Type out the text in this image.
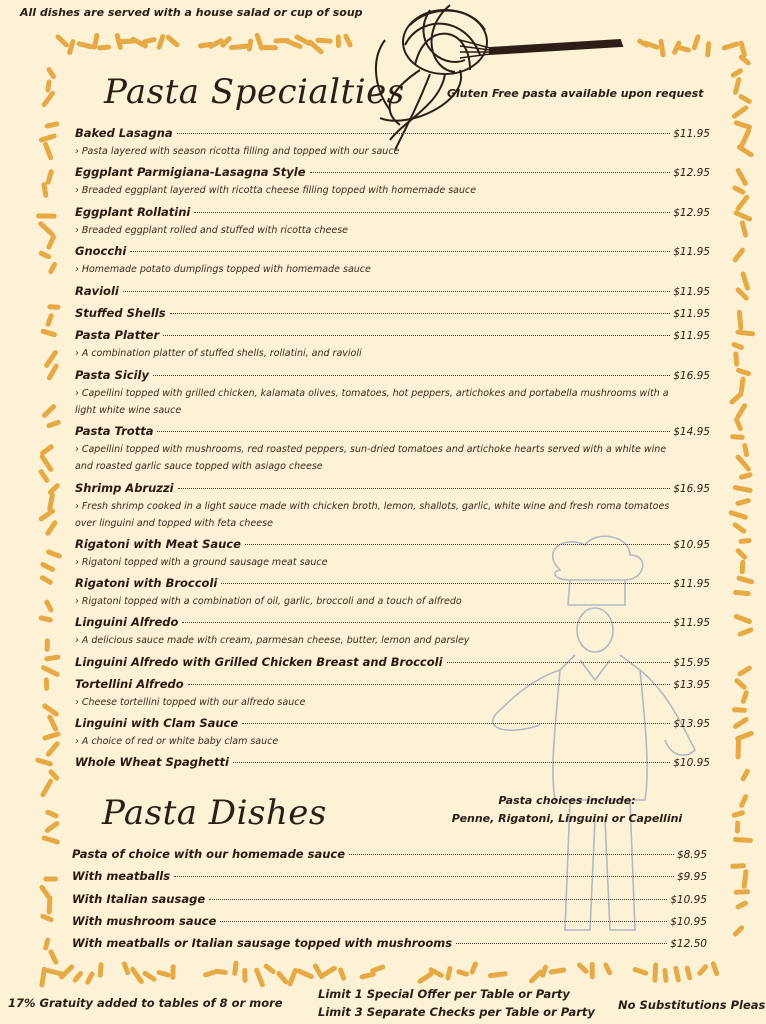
All dishes are served with a house salad or cup of soup
Pasta Specialties	Gluten Free pasta available upon request
Baked Lasagna	$11.95
› Pasta layered with season ricotta filling and topped with our sauce
Eggplant Parmigiana-Lasagna Style	$12.95
› Breaded eggplant layered with ricotta cheese filling topped with homemade sauce
Eggplant Rollatini	$12.95
› Breaded eggplant rolled and stuffed with ricotta cheese
Gnocchi	$11.95
› Homemade potato dumplings topped with homemade sauce
Ravioli	$11.95
Stuffed Shells	$11.95
Pasta Platter	$11.95
› A combination platter of stuffed shells, rollatini, and ravioli
Pasta Sicily	$16.95
› Capellini topped with grilled chicken, kalamata olives, tomatoes, hot peppers, artichokes and portabella mushrooms with a light white wine sauce
Pasta Trotta	$14.95
› Capellini topped with mushrooms, red roasted peppers, sun-dried tomatoes and artichoke hearts served with a white wine and roasted garlic sauce topped with asiago cheese
Shrimp Abruzzi	$16.95
› Fresh shrimp cooked in a light sauce made with chicken broth, lemon, shallots, garlic, white wine and fresh roma tomatoes over linguini and topped with feta cheese
Rigatoni with Meat Sauce	$10.95
› Rigatoni topped with a ground sausage meat sauce
Rigatoni with Broccoli	$11.95
› Rigatoni topped with a combination of oil, garlic, broccoli and a touch of alfredo
Linguini Alfredo	$11.95
› A delicious sauce made with cream, parmesan cheese, butter, lemon and parsley
Linguini Alfredo with Grilled Chicken Breast and Broccoli	$15.95
Tortellini Alfredo	$13.95
› Cheese tortellini topped with our alfredo sauce
Linguini with Clam Sauce	$13.95
› A choice of red or white baby clam sauce
Whole Wheat Spaghetti	$10.95
Pasta Dishes	Pasta choices include:
Penne, Rigatoni, Linguini or Capellini
Pasta of choice with our homemade sauce	$8.95
With meatballs	$9.95
With Italian sausage	$10.95
With mushroom sauce	$10.95
With meatballs or Italian sausage topped with mushrooms	$12.50
17% Gratuity added to tables of 8 or more
Limit 1 Special Offer per Table or Party
Limit 3 Separate Checks per Table or Party No Substitutions Pleas
